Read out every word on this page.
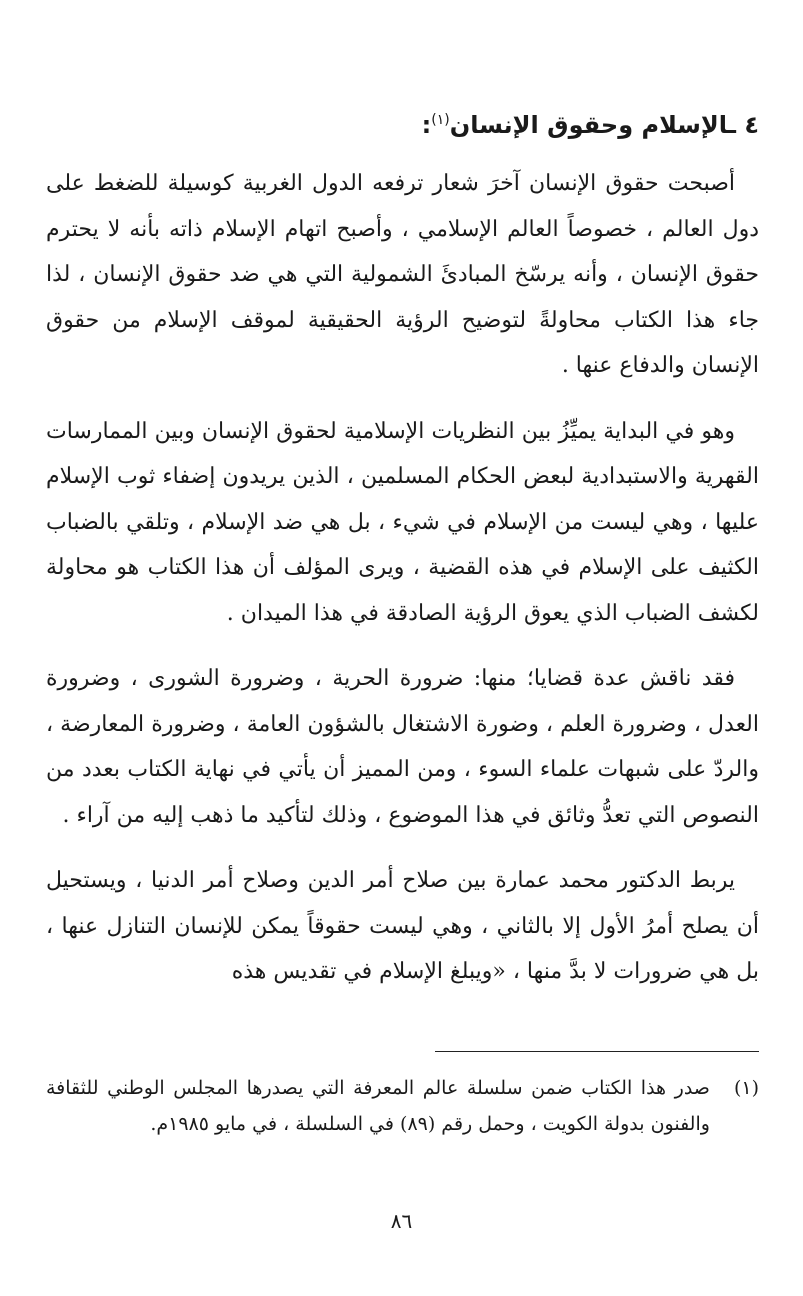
٤ ـالإسلام وحقوق الإنسان$^{(١)}$:

أصبحت حقوق الإنسان آخرَ شعار ترفعه الدول الغربية كوسيلة للضغط على دول العالم ، خصوصاً العالم الإسلامي ، وأصبح اتهام الإسلام ذاته بأنه لا يحترم حقوق الإنسان ، وأنه يرسّخ المبادئَ الشمولية التي هي ضد حقوق الإنسان ، لذا جاء هذا الكتاب محاولةً لتوضيح الرؤية الحقيقية لموقف الإسلام من حقوق الإنسان والدفاع عنها .

وهو في البداية يميِّزُ بين النظريات الإسلامية لحقوق الإنسان وبين الممارسات القهرية والاستبدادية لبعض الحكام المسلمين ، الذين يريدون إضفاء ثوب الإسلام عليها ، وهي ليست من الإسلام في شيء ، بل هي ضد الإسلام ، وتلقي بالضباب الكثيف على الإسلام في هذه القضية ، ويرى المؤلف أن هذا الكتاب هو محاولة لكشف الضباب الذي يعوق الرؤية الصادقة في هذا الميدان .

فقد ناقش عدة قضايا؛ منها: ضرورة الحرية ، وضرورة الشورى ، وضرورة العدل ، وضرورة العلم ، وضورة الاشتغال بالشؤون العامة ، وضرورة المعارضة ، والردّ على شبهات علماء السوء ، ومن المميز أن يأتي في نهاية الكتاب بعدد من النصوص التي تعدُّ وثائق في هذا الموضوع ، وذلك لتأكيد ما ذهب إليه من آراء .

يربط الدكتور محمد عمارة بين صلاح أمر الدين وصلاح أمر الدنيا ، ويستحيل أن يصلح أمرُ الأول إلا بالثاني ، وهي ليست حقوقاً يمكن للإنسان التنازل عنها ، بل هي ضرورات لا بدَّ منها ، «ويبلغ الإسلام في تقديس هذه

(١)
صدر هذا الكتاب ضمن سلسلة عالم المعرفة التي يصدرها المجلس الوطني للثقافة والفنون بدولة الكويت ، وحمل رقم (٨٩) في السلسلة ، في مايو ١٩٨٥م.
٨٦
